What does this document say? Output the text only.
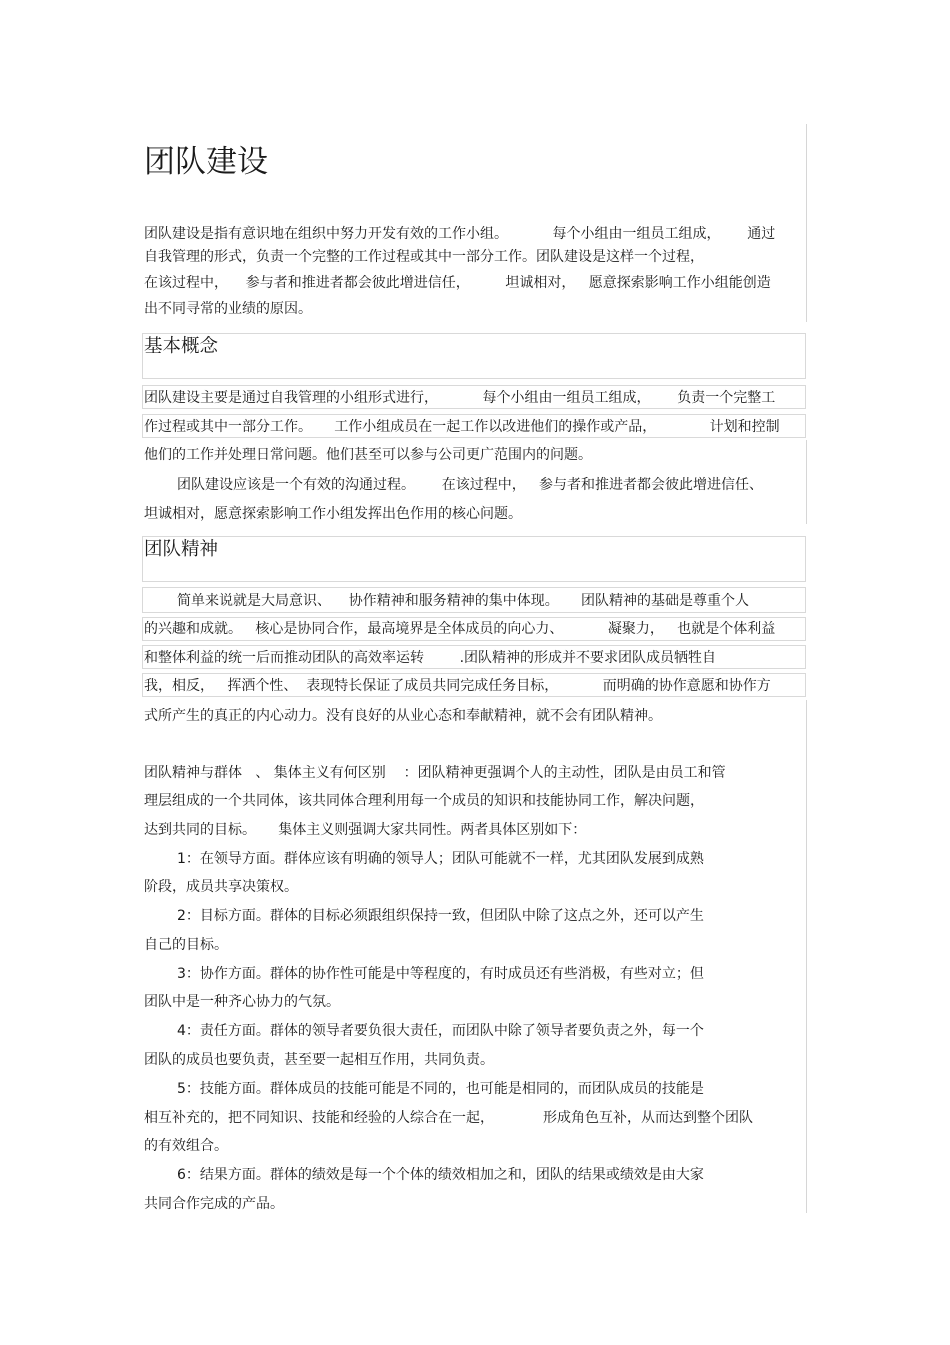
团队建设
团队建设是指有意识地在组织中努力开发有效的工作小组。          每个小组由一组员工组成，      通过
自我管理的形式，负责一个完整的工作过程或其中一部分工作。团队建设是这样一个过程，
在该过程中，    参与者和推进者都会彼此增进信任，        坦诚相对，   愿意探索影响工作小组能创造
出不同寻常的业绩的原因。
基本概念
团队建设主要是通过自我管理的小组形式进行，          每个小组由一组员工组成，      负责一个完整工
作过程或其中一部分工作。     工作小组成员在一起工作以改进他们的操作或产品，            计划和控制
他们的工作并处理日常问题。他们甚至可以参与公司更广范围内的问题。
团队建设应该是一个有效的沟通过程。      在该过程中，   参与者和推进者都会彼此增进信任、
坦诚相对，愿意探索影响工作小组发挥出色作用的核心问题。
团队精神
简单来说就是大局意识、    协作精神和服务精神的集中体现。     团队精神的基础是尊重个人
的兴趣和成就。   核心是协同合作，最高境界是全体成员的向心力、          凝聚力，   也就是个体利益
和整体利益的统一后而推动团队的高效率运转        .团队精神的形成并不要求团队成员牺牲自
我，相反，   挥洒个性、  表现特长保证了成员共同完成任务目标，          而明确的协作意愿和协作方
式所产生的真正的内心动力。没有良好的从业心态和奉献精神，就不会有团队精神。
团队精神与群体   、 集体主义有何区别    ：团队精神更强调个人的主动性，团队是由员工和管
理层组成的一个共同体，该共同体合理利用每一个成员的知识和技能协同工作，解决问题，
达到共同的目标。     集体主义则强调大家共同性。两者具体区别如下：
1：在领导方面。群体应该有明确的领导人；团队可能就不一样，尤其团队发展到成熟
阶段，成员共享决策权。
2：目标方面。群体的目标必须跟组织保持一致，但团队中除了这点之外，还可以产生
自己的目标。
3：协作方面。群体的协作性可能是中等程度的，有时成员还有些消极，有些对立；但
团队中是一种齐心协力的气氛。
4：责任方面。群体的领导者要负很大责任，而团队中除了领导者要负责之外，每一个
团队的成员也要负责，甚至要一起相互作用，共同负责。
5：技能方面。群体成员的技能可能是不同的，也可能是相同的，而团队成员的技能是
相互补充的，把不同知识、技能和经验的人综合在一起，           形成角色互补，从而达到整个团队
的有效组合。
6：结果方面。群体的绩效是每一个个体的绩效相加之和，团队的结果或绩效是由大家
共同合作完成的产品。
